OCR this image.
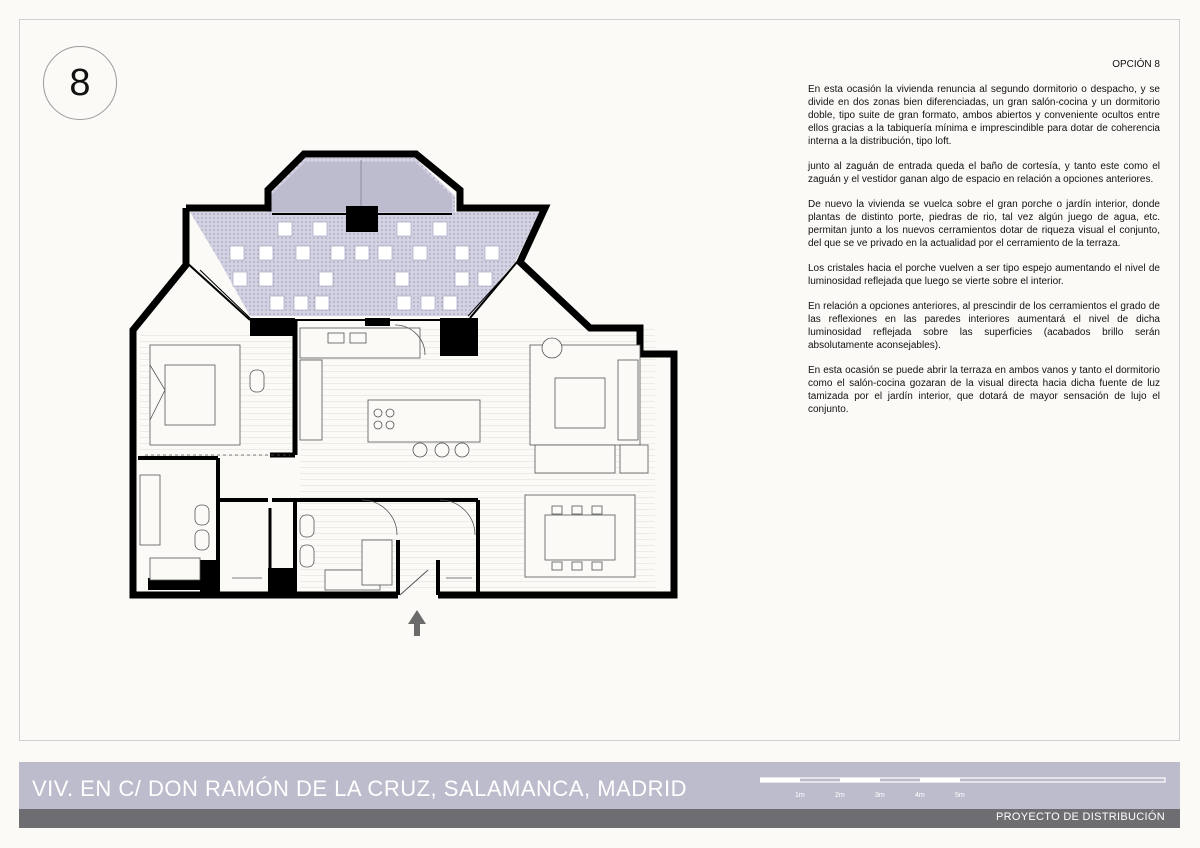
8	OPCIÓN 8

En esta ocasión la vivienda renuncia al segundo dormitorio o despacho, y se divide en dos zonas bien diferenciadas, un gran salón-cocina y un dormitorio doble, tipo suite de gran formato, ambos abiertos y conveniente ocultos entre ellos gracias a la tabiquería mínima e imprescindible para dotar de coherencia interna a la distribución, tipo loft.

junto al zaguán de entrada queda el baño de cortesía, y tanto este como el zaguán y el vestidor ganan algo de espacio en relación a opciones anteriores.

De nuevo la vivienda se vuelca sobre el gran porche o jardín interior, donde plantas de distinto porte, piedras de rio, tal vez algún juego de agua, etc. permitan junto a los nuevos cerramientos dotar de riqueza visual el conjunto, del que se ve privado en la actualidad por el cerramiento de la terraza.

Los cristales hacia el porche vuelven a ser tipo espejo aumentando el nivel de luminosidad reflejada que luego se vierte sobre el interior.

En relación a opciones anteriores, al prescindir de los cerramientos el grado de las reflexiones en las paredes interiores aumentará el nivel de dicha luminosidad reflejada sobre las superficies (acabados brillo serán absolutamente aconsejables).

En esta ocasión se puede abrir la terraza en ambos vanos y tanto el dormitorio como el salón-cocina gozaran de la visual directa hacia dicha fuente de luz tamizada por el jardín interior, que dotará de mayor sensación de lujo el conjunto.

VIV. EN C/ DON RAMÓN DE LA CRUZ, SALAMANCA, MADRID
PROYECTO DE DISTRIBUCIÓN
1m	2m	3m	4m	5m
